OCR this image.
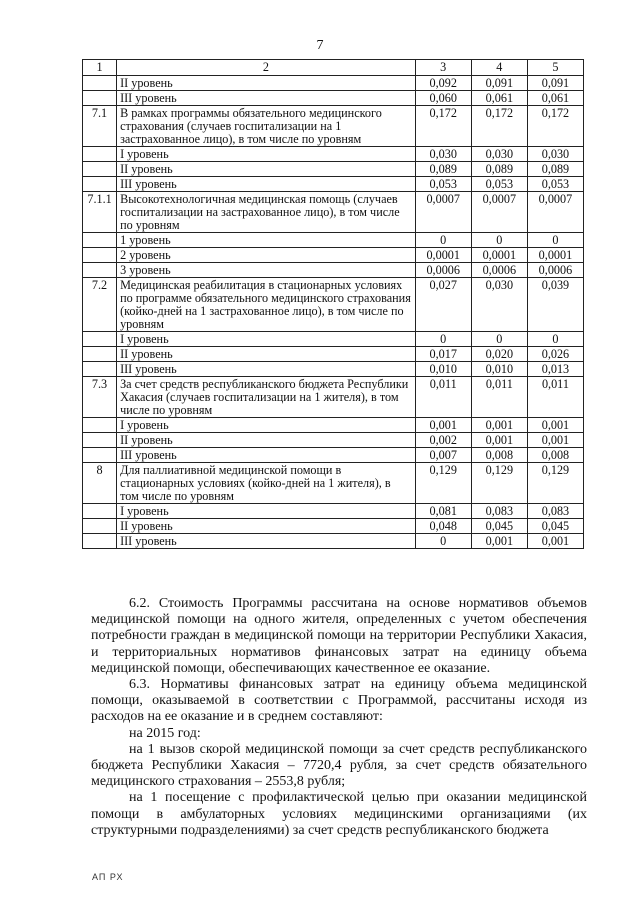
7
1	2	3	4	5
	II уровень	0,092	0,091	0,091
	III уровень	0,060	0,061	0,061
7.1	В рамках программы обязательного медицинского страхования (случаев госпитализации на 1 застрахованное лицо), в том числе по уровням	0,172	0,172	0,172
	I уровень	0,030	0,030	0,030
	II уровень	0,089	0,089	0,089
	III уровень	0,053	0,053	0,053
7.1.1	Высокотехнологичная медицинская помощь (случаев госпитализации на застрахованное лицо), в том числе по уровням	0,0007	0,0007	0,0007
	1 уровень	0	0	0
	2 уровень	0,0001	0,0001	0,0001
	3 уровень	0,0006	0,0006	0,0006
7.2	Медицинская реабилитация в стационарных условиях по программе обязательного медицинского страхования (койко-дней на 1 застрахованное лицо), в том числе по уровням	0,027	0,030	0,039
	I уровень	0	0	0
	II уровень	0,017	0,020	0,026
	III уровень	0,010	0,010	0,013
7.3	За счет средств республиканского бюджета Республики Хакасия (случаев госпитализации на 1 жителя), в том числе по уровням	0,011	0,011	0,011
	I уровень	0,001	0,001	0,001
	II уровень	0,002	0,001	0,001
	III уровень	0,007	0,008	0,008
8	Для паллиативной медицинской помощи в стационарных условиях (койко-дней на 1 жителя), в том числе по уровням	0,129	0,129	0,129
	I уровень	0,081	0,083	0,083
	II уровень	0,048	0,045	0,045
	III уровень	0	0,001	0,001

6.2. Стоимость Программы рассчитана на основе нормативов объемов медицинской помощи на одного жителя, определенных с учетом обеспечения потребности граждан в медицинской помощи на территории Республики Хакасия, и территориальных нормативов финансовых затрат на единицу объема медицинской помощи, обеспечивающих качественное ее оказание.

6.3. Нормативы финансовых затрат на единицу объема медицинской помощи, оказываемой в соответствии с Программой, рассчитаны исходя из расходов на ее оказание и в среднем составляют:

на 2015 год:

на 1 вызов скорой медицинской помощи за счет средств республиканского бюджета Республики Хакасия – 7720,4 рубля, за счет средств обязательного медицинского страхования – 2553,8 рубля;

на 1 посещение с профилактической целью при оказании медицинской помощи в амбулаторных условиях медицинскими организациями (их структурными подразделениями) за счет средств республиканского бюджета

АП РХ
